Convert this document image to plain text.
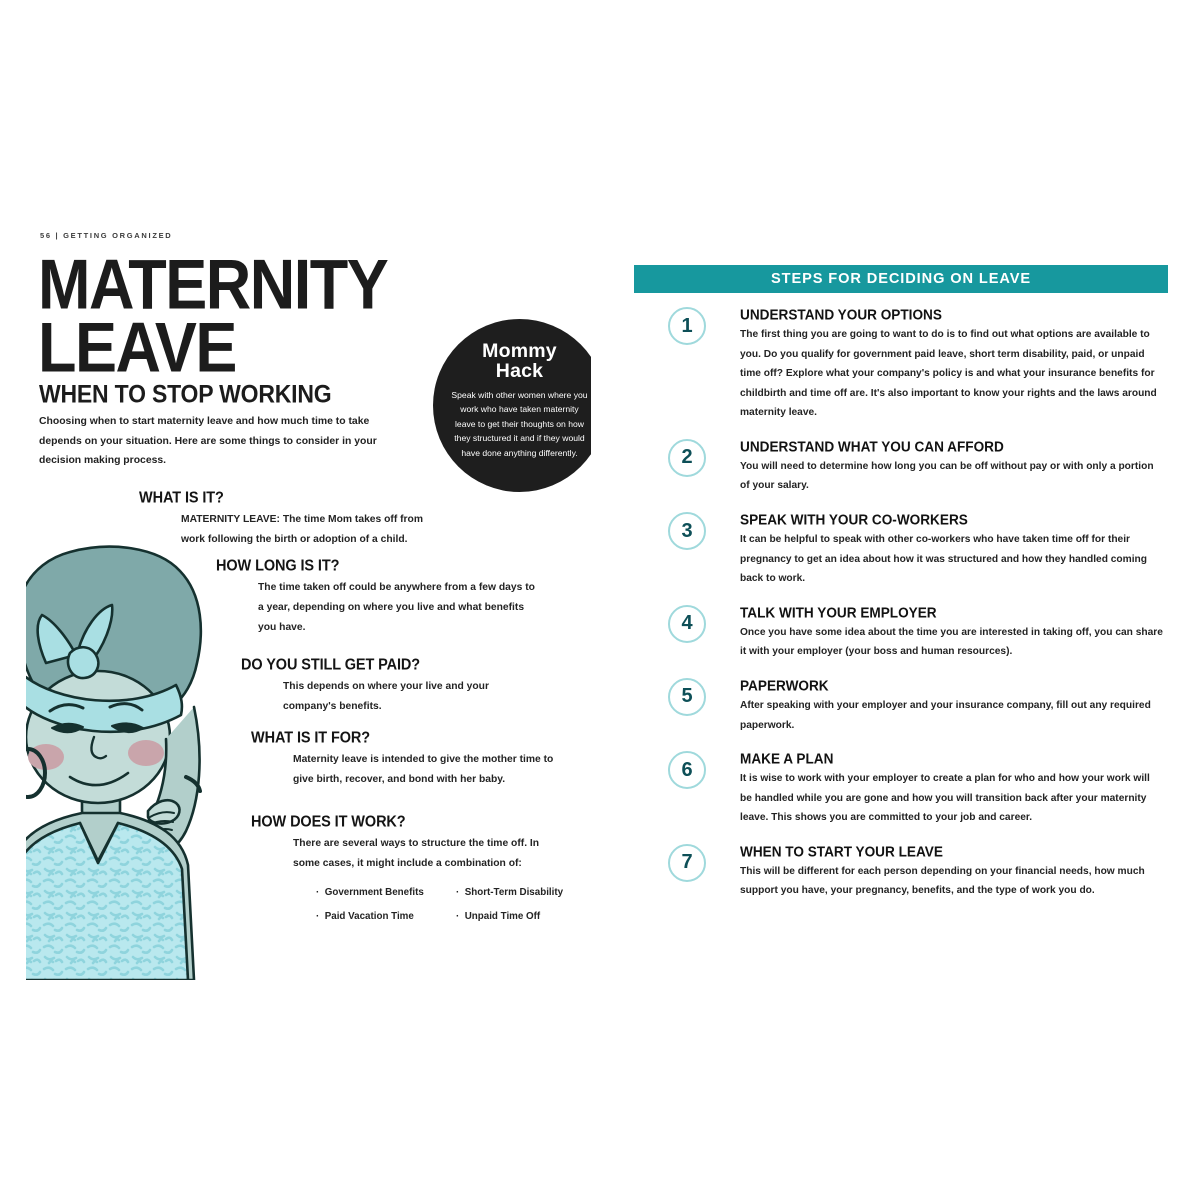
56 | GETTING ORGANIZED
MATERNITY
LEAVE
WHEN TO STOP WORKING
Choosing when to start maternity leave and how much time to take depends on your situation. Here are some things to consider in your decision making process.
WHAT IS IT?

MATERNITY LEAVE: The time Mom takes off from work following the birth or adoption of a child.

HOW LONG IS IT?

The time taken off could be anywhere from a few days to a year, depending on where you live and what benefits you have.

DO YOU STILL GET PAID?

This depends on where your live and your company's benefits.

WHAT IS IT FOR?

Maternity leave is intended to give the mother time to give birth, recover, and bond with her baby.

HOW DOES IT WORK?

There are several ways to structure the time off. In some cases, it might include a combination of:

·  Government Benefits	·  Short-Term Disability
·  Paid Vacation Time	·  Unpaid Time Off
Mommy
Hack
Speak with other women where you work who have taken maternity leave to get their thoughts on how they structured it and if they would have done anything differently.
STEPS FOR DECIDING ON LEAVE
1	UNDERSTAND YOUR OPTIONS

The first thing you are going to want to do is to find out what options are available to you. Do you qualify for government paid leave, short term disability, paid, or unpaid time off? Explore what your company's policy is and what your insurance benefits for childbirth and time off are. It's also important to know your rights and the laws around maternity leave.

2	UNDERSTAND WHAT YOU CAN AFFORD

You will need to determine how long you can be off without pay or with only a portion of your salary.

3	SPEAK WITH YOUR CO-WORKERS

It can be helpful to speak with other co-workers who have taken time off for their pregnancy to get an idea about how it was structured and how they handled coming back to work.

4	TALK WITH YOUR EMPLOYER

Once you have some idea about the time you are interested in taking off, you can share it with your employer (your boss and human resources).

5	PAPERWORK

After speaking with your employer and your insurance company, fill out any required paperwork.

6	MAKE A PLAN

It is wise to work with your employer to create a plan for who and how your work will be handled while you are gone and how you will transition back after your maternity leave. This shows you are committed to your job and career.

7	WHEN TO START YOUR LEAVE

This will be different for each person depending on your financial needs, how much support you have, your pregnancy, benefits, and the type of work you do.
